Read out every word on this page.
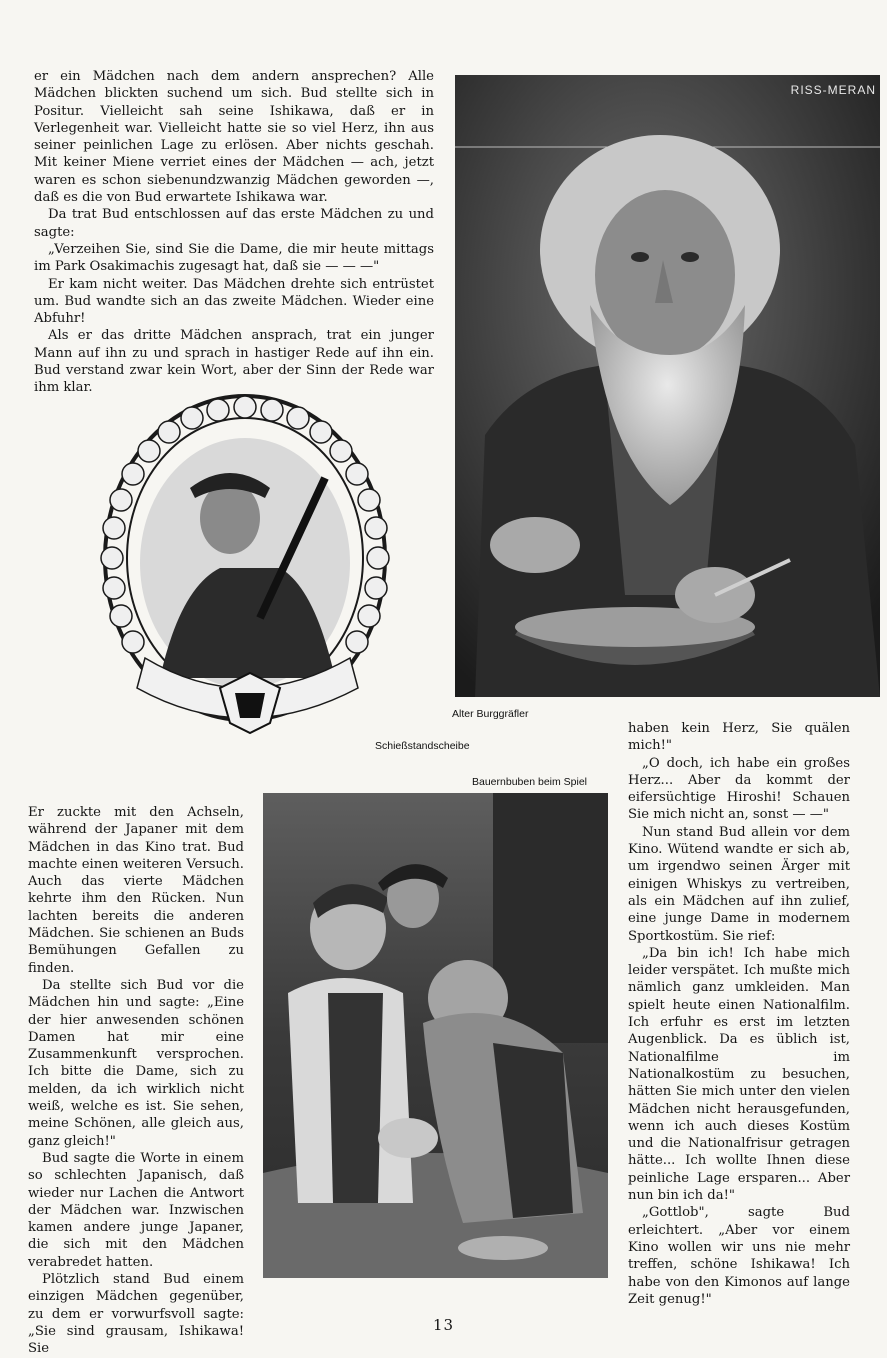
er ein Mädchen nach dem andern ansprechen? Alle Mädchen blickten suchend um sich. Bud stellte sich in Positur. Vielleicht sah seine Ishikawa, daß er in Verlegenheit war. Vielleicht hatte sie so viel Herz, ihn aus seiner peinlichen Lage zu erlösen. Aber nichts geschah. Mit keiner Miene verriet eines der Mädchen — ach, jetzt waren es schon siebenundzwanzig Mädchen geworden —, daß es die von Bud erwartete Ishikawa war.

Da trat Bud entschlossen auf das erste Mädchen zu und sagte:

„Verzeihen Sie, sind Sie die Dame, die mir heute mittags im Park Osakimachis zugesagt hat, daß sie — — —"

Er kam nicht weiter. Das Mädchen drehte sich entrüstet um. Bud wandte sich an das zweite Mädchen. Wieder eine Abfuhr!

Als er das dritte Mädchen ansprach, trat ein junger Mann auf ihn zu und sprach in hastiger Rede auf ihn ein. Bud verstand zwar kein Wort, aber der Sinn der Rede war ihm klar.

RISS-MERAN
Alter Burggräfler
Schießstandscheibe
Bauernbuben beim Spiel

Er zuckte mit den Achseln, während der Japaner mit dem Mädchen in das Kino trat. Bud machte einen weiteren Versuch. Auch das vierte Mädchen kehrte ihm den Rücken. Nun lachten bereits die anderen Mädchen. Sie schienen an Buds Bemühungen Gefallen zu finden.

Da stellte sich Bud vor die Mädchen hin und sagte: „Eine der hier anwesenden schönen Damen hat mir eine Zusammenkunft versprochen. Ich bitte die Dame, sich zu melden, da ich wirklich nicht weiß, welche es ist. Sie sehen, meine Schönen, alle gleich aus, ganz gleich!"

Bud sagte die Worte in einem so schlechten Japanisch, daß wieder nur Lachen die Antwort der Mädchen war. Inzwischen kamen andere junge Japaner, die sich mit den Mädchen verabredet hatten.

Plötzlich stand Bud einem einzigen Mädchen gegenüber, zu dem er vorwurfsvoll sagte: „Sie sind grausam, Ishikawa! Sie

haben kein Herz, Sie quälen mich!"

„O doch, ich habe ein großes Herz... Aber da kommt der eifersüchtige Hiroshi! Schauen Sie mich nicht an, sonst — —"

Nun stand Bud allein vor dem Kino. Wütend wandte er sich ab, um irgendwo seinen Ärger mit einigen Whiskys zu vertreiben, als ein Mädchen auf ihn zulief, eine junge Dame in modernem Sportkostüm. Sie rief:

„Da bin ich! Ich habe mich leider verspätet. Ich mußte mich nämlich ganz umkleiden. Man spielt heute einen Nationalfilm. Ich erfuhr es erst im letzten Augenblick. Da es üblich ist, Nationalfilme im Nationalkostüm zu besuchen, hätten Sie mich unter den vielen Mädchen nicht herausgefunden, wenn ich auch dieses Kostüm und die Nationalfrisur getragen hätte... Ich wollte Ihnen diese peinliche Lage ersparen... Aber nun bin ich da!"

„Gottlob", sagte Bud erleichtert. „Aber vor einem Kino wollen wir uns nie mehr treffen, schöne Ishikawa! Ich habe von den Kimonos auf lange Zeit genug!"

13
